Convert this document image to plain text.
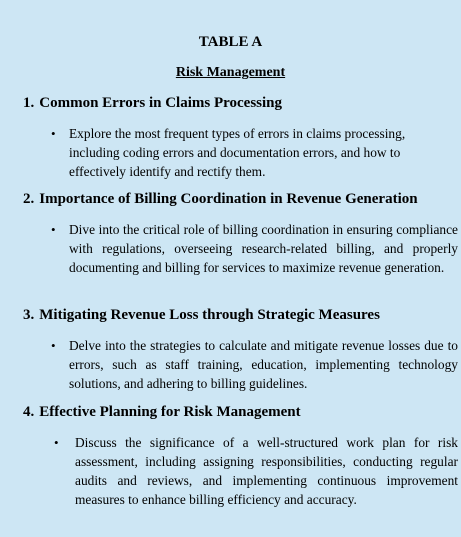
TABLE A
Risk Management
1. Common Errors in Claims Processing
• Explore the most frequent types of errors in claims processing, including coding errors and documentation errors, and how to effectively identify and rectify them.
2. Importance of Billing Coordination in Revenue Generation
• Dive into the critical role of billing coordination in ensuring compliance with regulations, overseeing research-related billing, and properly documenting and billing for services to maximize revenue generation.
3. Mitigating Revenue Loss through Strategic Measures
• Delve into the strategies to calculate and mitigate revenue losses due to errors, such as staff training, education, implementing technology solutions, and adhering to billing guidelines.
4. Effective Planning for Risk Management
• Discuss the significance of a well-structured work plan for risk assessment, including assigning responsibilities, conducting regular audits and reviews, and implementing continuous improvement measures to enhance billing efficiency and accuracy.
